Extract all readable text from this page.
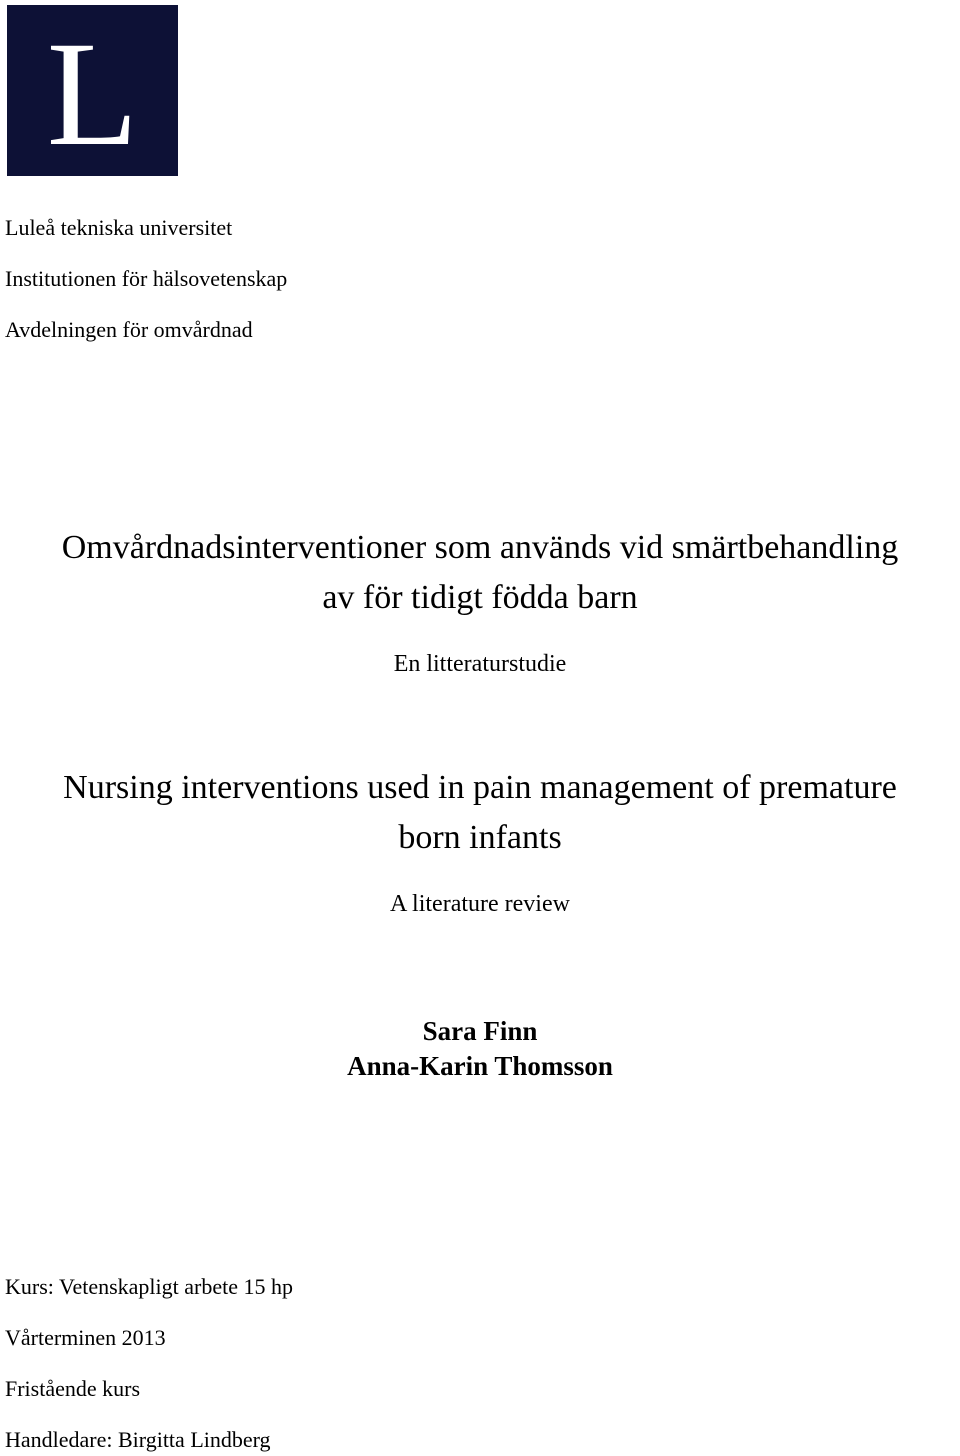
L
Luleå tekniska universitet
Institutionen för hälsovetenskap
Avdelningen för omvårdnad
Omvårdnadsinterventioner som används vid smärtbehandling
av för tidigt födda barn
En litteraturstudie
Nursing interventions used in pain management of premature
born infants
A literature review
Sara Finn
Anna-Karin Thomsson
Kurs: Vetenskapligt arbete 15 hp
Vårterminen 2013
Fristående kurs
Handledare: Birgitta Lindberg
